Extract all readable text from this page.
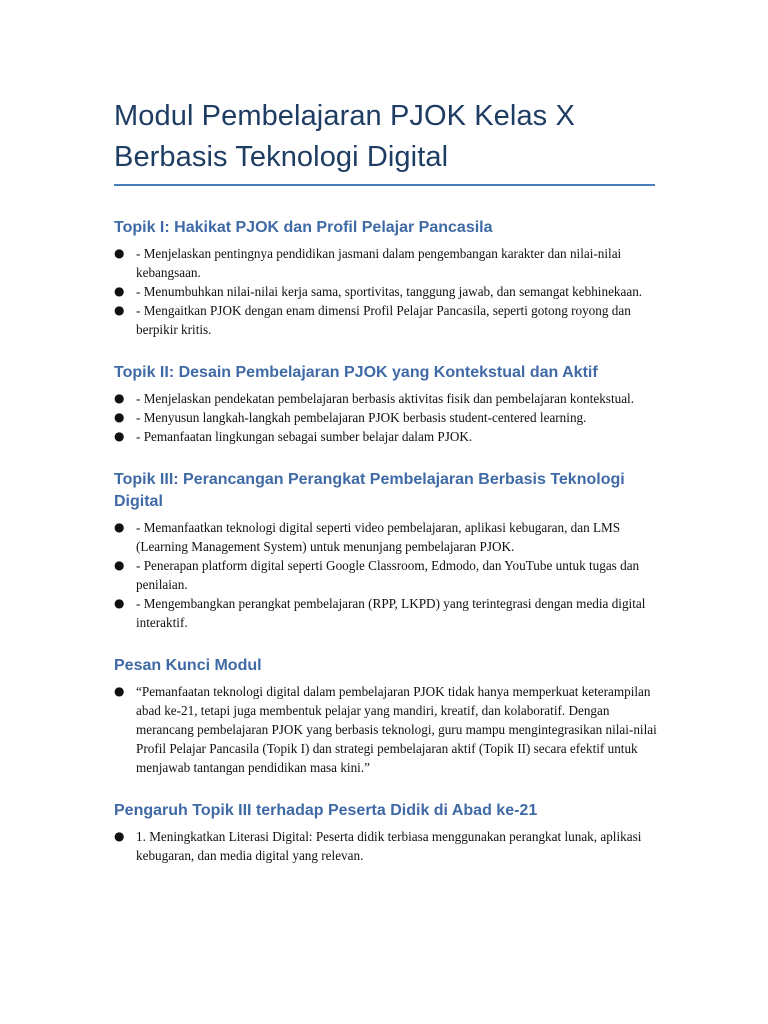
Modul Pembelajaran PJOK Kelas X
Berbasis Teknologi Digital
Topik I: Hakikat PJOK dan Profil Pelajar Pancasila
● - Menjelaskan pentingnya pendidikan jasmani dalam pengembangan karakter dan nilai-nilai kebangsaan.
● - Menumbuhkan nilai-nilai kerja sama, sportivitas, tanggung jawab, dan semangat kebhinekaan.
● - Mengaitkan PJOK dengan enam dimensi Profil Pelajar Pancasila, seperti gotong royong dan berpikir kritis.
Topik II: Desain Pembelajaran PJOK yang Kontekstual dan Aktif
● - Menjelaskan pendekatan pembelajaran berbasis aktivitas fisik dan pembelajaran kontekstual.
● - Menyusun langkah-langkah pembelajaran PJOK berbasis student-centered learning.
● - Pemanfaatan lingkungan sebagai sumber belajar dalam PJOK.
Topik III: Perancangan Perangkat Pembelajaran Berbasis Teknologi Digital
● - Memanfaatkan teknologi digital seperti video pembelajaran, aplikasi kebugaran, dan LMS (Learning Management System) untuk menunjang pembelajaran PJOK.
● - Penerapan platform digital seperti Google Classroom, Edmodo, dan YouTube untuk tugas dan penilaian.
● - Mengembangkan perangkat pembelajaran (RPP, LKPD) yang terintegrasi dengan media digital interaktif.
Pesan Kunci Modul
● “Pemanfaatan teknologi digital dalam pembelajaran PJOK tidak hanya memperkuat keterampilan abad ke-21, tetapi juga membentuk pelajar yang mandiri, kreatif, dan kolaboratif. Dengan merancang pembelajaran PJOK yang berbasis teknologi, guru mampu mengintegrasikan nilai-nilai Profil Pelajar Pancasila (Topik I) dan strategi pembelajaran aktif (Topik II) secara efektif untuk menjawab tantangan pendidikan masa kini.”
Pengaruh Topik III terhadap Peserta Didik di Abad ke-21
● 1. Meningkatkan Literasi Digital: Peserta didik terbiasa menggunakan perangkat lunak, aplikasi kebugaran, dan media digital yang relevan.
